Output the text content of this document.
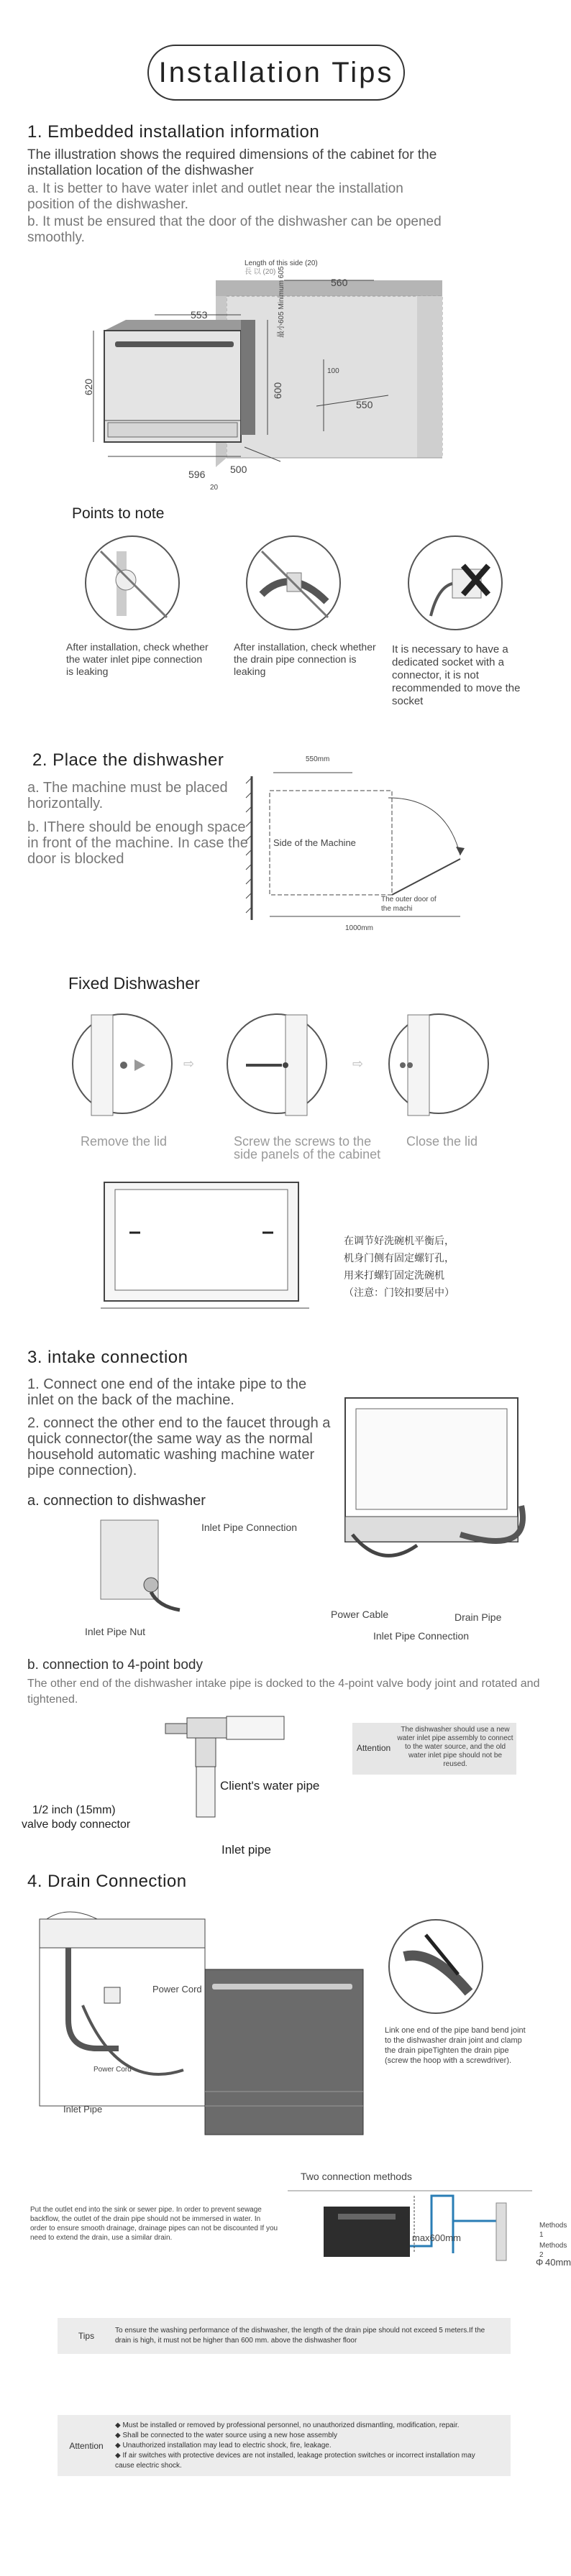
Installation Tips
1. Embedded installation information
The illustration shows the required dimensions of the cabinet for the installation location of the dishwasher
a. It is better to have water inlet and outlet near the installation position of the dishwasher.
b. It must be ensured that the door of the dishwasher can be opened smoothly.
Length of this side (20)
長 以 (20)
560
553
620	600
最小605 Minimum 605
550
100
596
20
500
Points to note
After installation, check whether the water inlet pipe connection is leaking
After installation, check whether the drain pipe connection is leaking
It is necessary to have a dedicated socket with a connector, it is not recommended to move the socket
2. Place the dishwasher
a. The machine must be placed horizontally.
b. IThere should be enough space in front of the machine. In case the door is blocked
550mm
Side of the Machine
The outer door of the machi
1000mm
Fixed Dishwasher
⇨	⇨
Remove the lid	Screw the screws to the side panels of the cabinet
Close the lid
在调节好洗碗机平衡后，
机身门侧有固定螺钉孔，
用来打螺钉固定洗碗机
（注意：门铰扣要居中）
3. intake connection
1. Connect one end of the intake pipe to the inlet on the back of the machine.
2. connect the other end to the faucet through a quick connector(the same way as the normal household automatic washing machine water pipe connection).
a. connection to dishwasher
Inlet Pipe Connection
Inlet Pipe Nut
Power Cable	Drain Pipe
Inlet Pipe Connection
b. connection to 4-point body
The other end of the dishwasher intake pipe is docked to the 4-point valve body joint and rotated and tightened.
Attention
The dishwasher should use a new water inlet pipe assembly to connect to the water source, and the old water inlet pipe should not be reused.
Client's water pipe
1/2 inch (15mm)
valve body connector
Inlet pipe
4. Drain Connection
Power Cord
Power Cord
Inlet Pipe
Link one end of the pipe band bend joint to the dishwasher drain joint and clamp the drain pipeTighten the drain pipe (screw the hoop with a screwdriver).
Two connection methods
Put the outlet end into the sink or sewer pipe. In order to prevent sewage backflow, the outlet of the drain pipe should not be immersed in water. In order to ensure smooth drainage, drainage pipes can not be discounted If you need to extend the drain, use a similar drain.	max600mm
Methods 1
Methods 2
Φ 40mm
Tips
To ensure the washing performance of the dishwasher, the length of the drain pipe should not exceed 5 meters.If the drain is high, it must not be higher than 600 mm. above the dishwasher floor
Attention
◆ Must be installed or removed by professional personnel, no unauthorized dismantling, modification, repair.
◆ Shall be connected to the water source using a new hose assembly
◆ Unauthorized installation may lead to electric shock, fire, leakage.
◆ If air switches with protective devices are not installed, leakage protection switches or incorrect installation may cause electric shock.
